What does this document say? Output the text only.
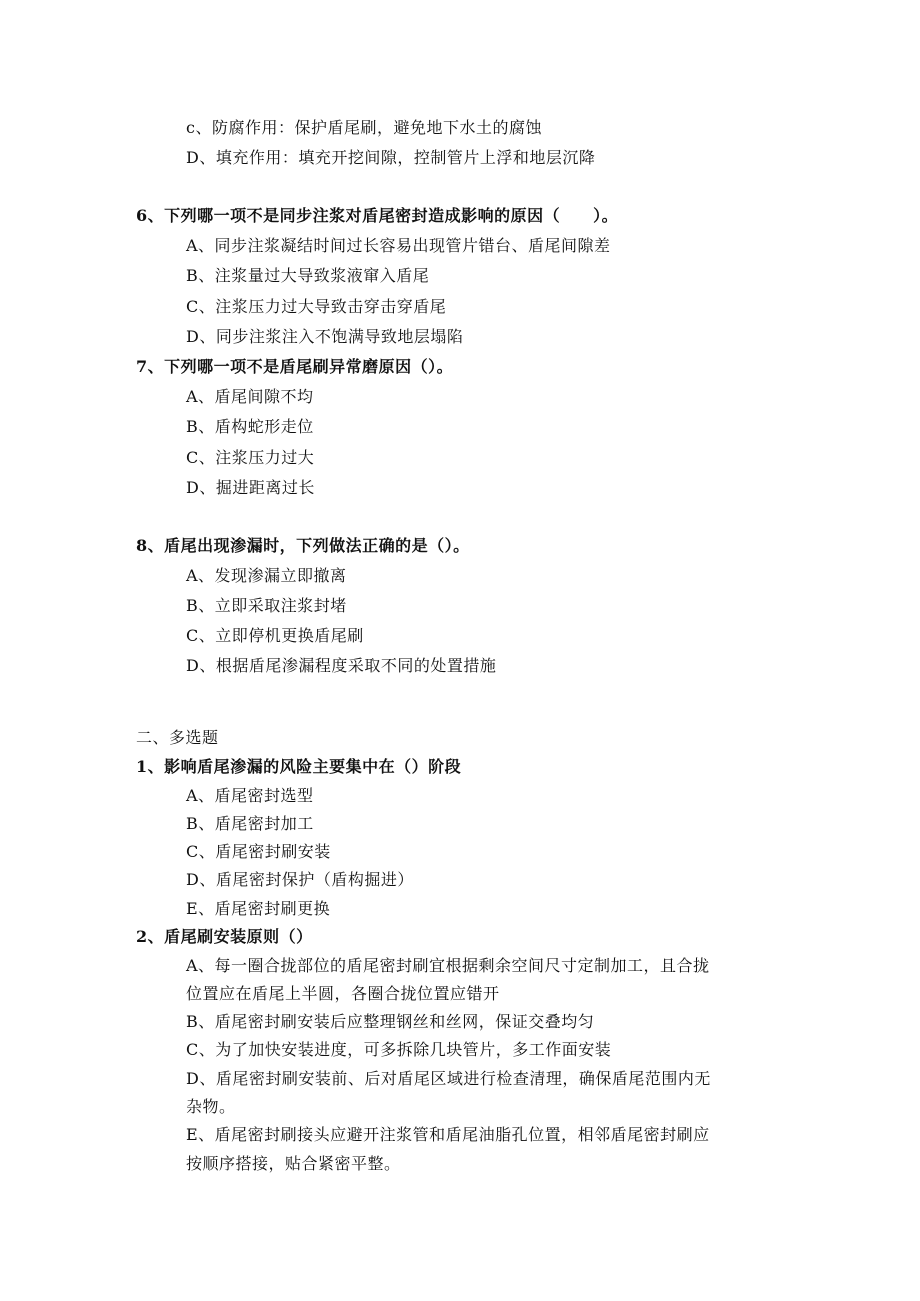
c、防腐作用：保护盾尾刷，避免地下水土的腐蚀
D、填充作用：填充开挖间隙，控制管片上浮和地层沉降
6、下列哪一项不是同步注浆对盾尾密封造成影响的原因（　　）。
A、同步注浆凝结时间过长容易出现管片错台、盾尾间隙差
B、注浆量过大导致浆液窜入盾尾
C、注浆压力过大导致击穿击穿盾尾
D、同步注浆注入不饱满导致地层塌陷
7、下列哪一项不是盾尾刷异常磨原因（）。
A、盾尾间隙不均
B、盾构蛇形走位
C、注浆压力过大
D、掘进距离过长
8、盾尾出现渗漏时，下列做法正确的是（）。
A、发现渗漏立即撤离
B、立即采取注浆封堵
C、立即停机更换盾尾刷
D、根据盾尾渗漏程度采取不同的处置措施
二、多选题
1、影响盾尾渗漏的风险主要集中在（）阶段
A、盾尾密封选型
B、盾尾密封加工
C、盾尾密封刷安装
D、盾尾密封保护（盾构掘进）
E、盾尾密封刷更换
2、盾尾刷安装原则（）
A、每一圈合拢部位的盾尾密封刷宜根据剩余空间尺寸定制加工，且合拢
位置应在盾尾上半圆，各圈合拢位置应错开
B、盾尾密封刷安装后应整理钢丝和丝网，保证交叠均匀
C、为了加快安装进度，可多拆除几块管片，多工作面安装
D、盾尾密封刷安装前、后对盾尾区域进行检查清理，确保盾尾范围内无
杂物。
E、盾尾密封刷接头应避开注浆管和盾尾油脂孔位置，相邻盾尾密封刷应
按顺序搭接，贴合紧密平整。
